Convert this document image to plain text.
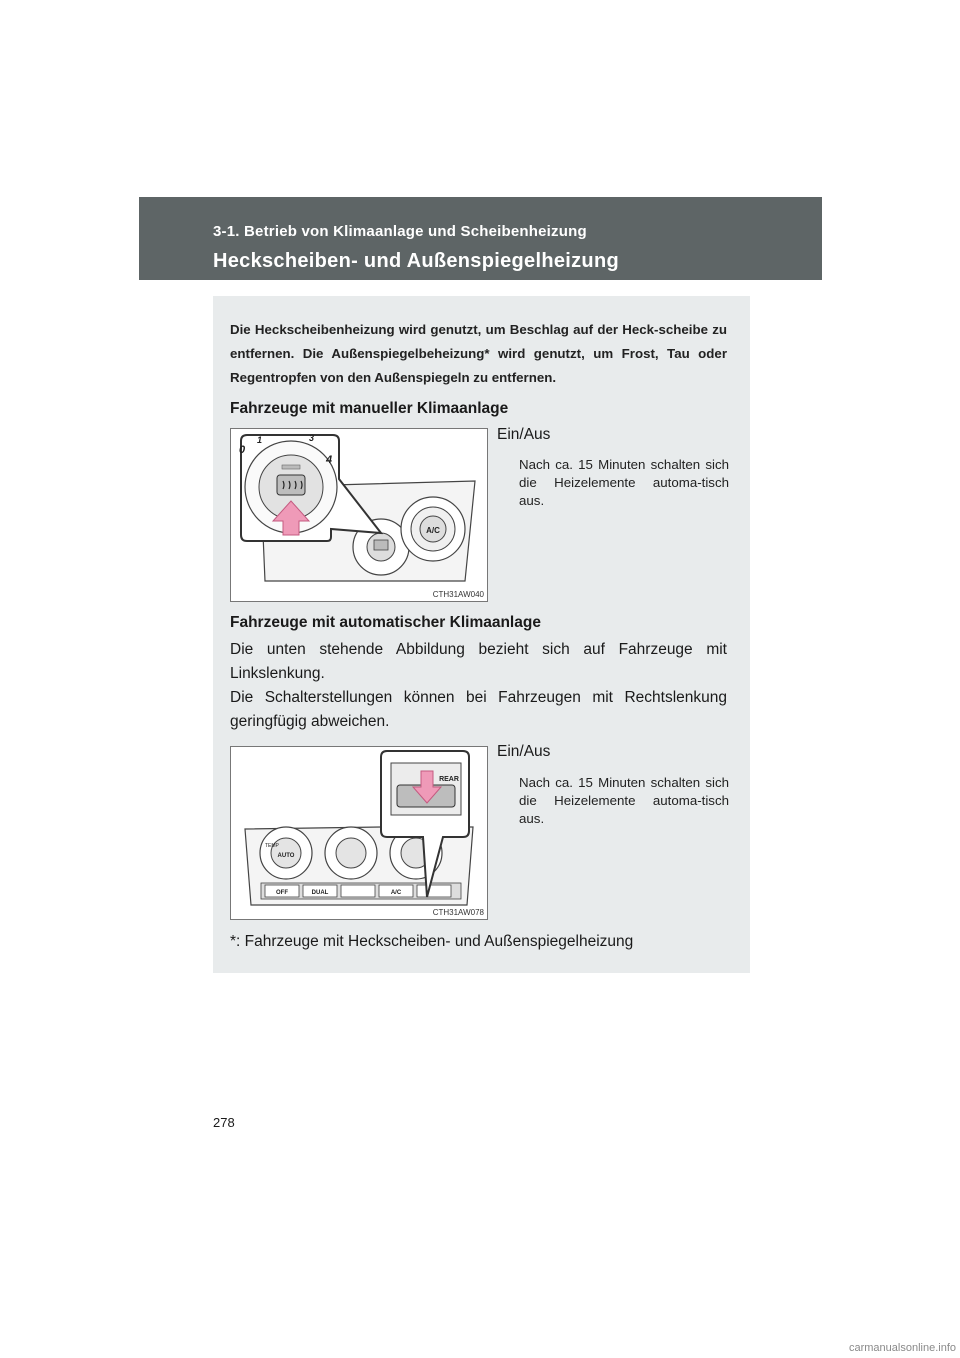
3-1. Betrieb von Klimaanlage und Scheibenheizung
Heckscheiben- und Außenspiegelheizung
Die Heckscheibenheizung wird genutzt, um Beschlag auf der Heck-scheibe zu entfernen. Die Außenspiegelbeheizung* wird genutzt, um Frost, Tau oder Regentropfen von den Außenspiegeln zu entfernen.
Fahrzeuge mit manueller Klimaanlage
A/C
0
1	3
4
CTH31AW040
Ein/Aus
Nach ca. 15 Minuten schalten sich die Heizelemente automa-tisch aus.
Fahrzeuge mit automatischer Klimaanlage
Die unten stehende Abbildung bezieht sich auf Fahrzeuge mit Linkslenkung.
Die Schalterstellungen können bei Fahrzeugen mit Rechtslenkung geringfügig abweichen.
TEMP
AUTO
OFF	DUAL	A/C
REAR
CTH31AW078
Ein/Aus
Nach ca. 15 Minuten schalten sich die Heizelemente automa-tisch aus.
*: Fahrzeuge mit Heckscheiben- und Außenspiegelheizung
278
carmanualsonline.info
